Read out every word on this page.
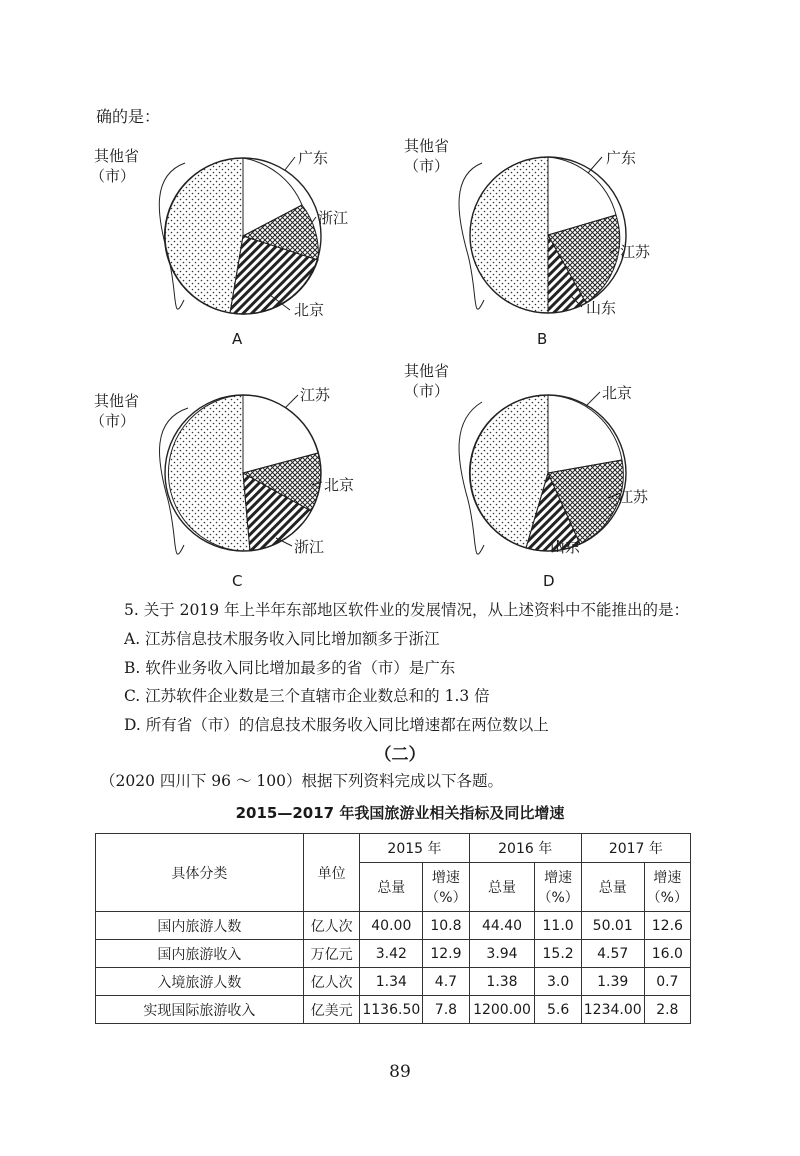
确的是：
其他省
（市）
广东
浙江
北京
A
其他省
（市）	广东
江苏
山东
B
其他省
（市）
江苏
北京
浙江
C
其他省
（市）	北京
江苏
山东
D
5. 关于 2019 年上半年东部地区软件业的发展情况，从上述资料中不能推出的是：
A. 江苏信息技术服务收入同比增加额多于浙江
B. 软件业务收入同比增加最多的省（市）是广东
C. 江苏软件企业数是三个直辖市企业数总和的 1.3 倍
D. 所有省（市）的信息技术服务收入同比增速都在两位数以上
（二）
（2020 四川下 96 ～ 100）根据下列资料完成以下各题。
2015—2017 年我国旅游业相关指标及同比增速
具体分类	单位	2015 年		2016 年		2017 年	
		总量	增速（%）	总量	增速（%）	总量	增速（%）
国内旅游人数	亿人次	40.00	10.8	44.40	11.0	50.01	12.6
国内旅游收入	万亿元	3.42	12.9	3.94	15.2	4.57	16.0
入境旅游人数	亿人次	1.34	4.7	1.38	3.0	1.39	0.7
实现国际旅游收入	亿美元	1136.50	7.8	1200.00	5.6	1234.00	2.8
89
